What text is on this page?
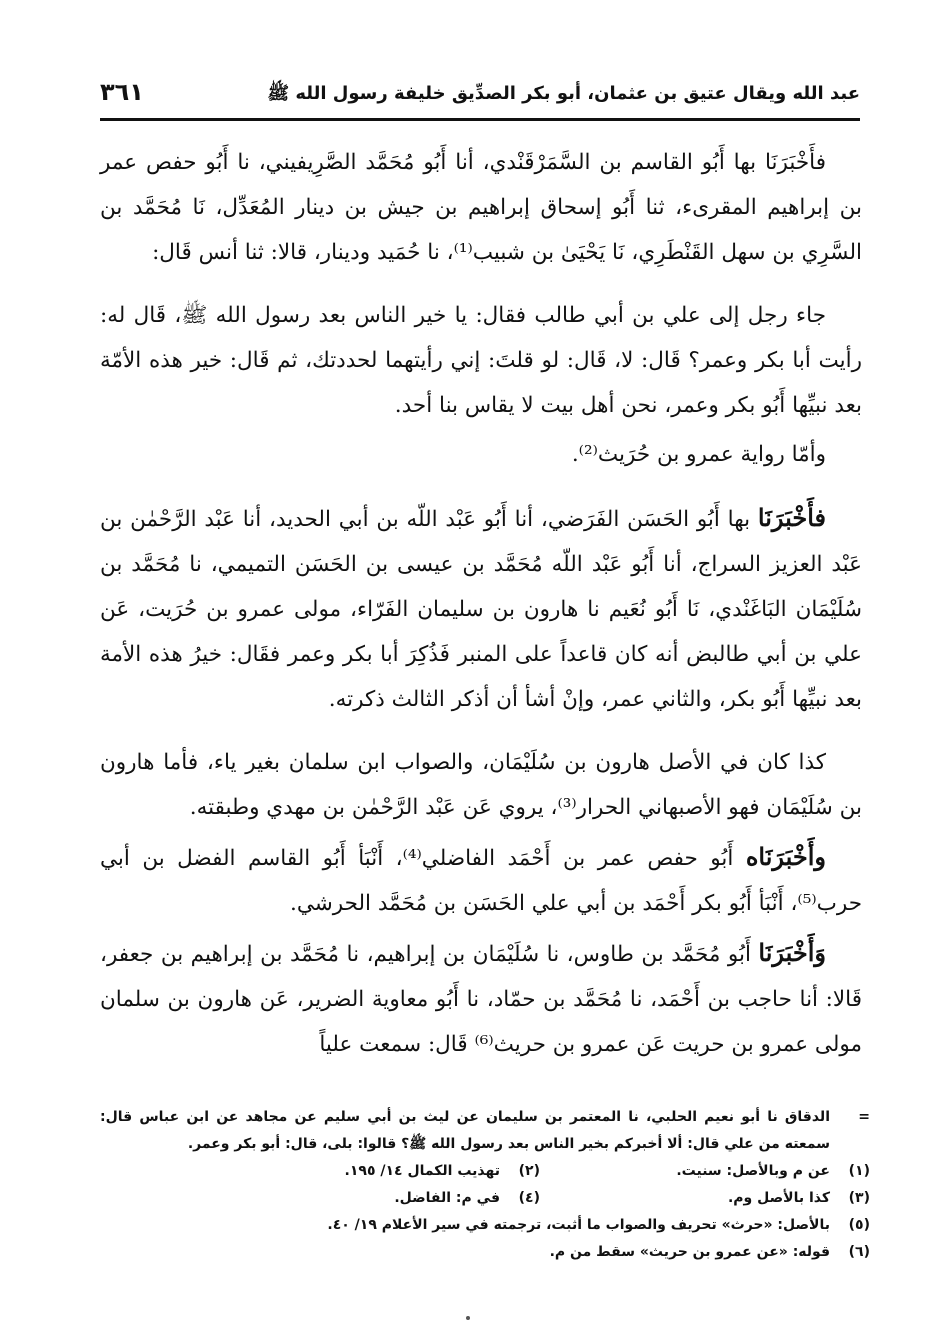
عبد الله ويقال عتيق بن عثمان، أبو بكر الصدِّيق خليفة رسول الله ﷺ
٣٦١

فأَخْبَرَنَا بها أَبُو القاسم بن السَّمَرْقَنْدي، أنا أَبُو مُحَمَّد الصَّرِيفيني، نا أَبُو حفص عمر بن إبراهيم المقرىء، ثنا أَبُو إسحاق إبراهيم بن جيش بن دينار المُعَدِّل، نَا مُحَمَّد بن السَّرِي بن سهل القَنْطَرِي، نَا يَحْيَىٰ بن شبيب⁽¹⁾، نا حُمَيد ودينار، قالا: ثنا أنس قَال:

جاء رجل إلى علي بن أبي طالب فقال: يا خير الناس بعد رسول الله ﷺ، قَال له: رأيت أبا بكر وعمر؟ قَال: لا، قَال: لو قلتَ: إني رأيتهما لحددتك، ثم قَال: خير هذه الأمّة بعد نبيِّها أَبُو بكر وعمر، نحن أهل بيت لا يقاس بنا أحد.

وأمّا رواية عمرو بن حُرَيث⁽²⁾.

فأَخْبَرَنَا بها أَبُو الحَسَن الفَرَضي، أنا أَبُو عَبْد اللّه بن أبي الحديد، أنا عَبْد الرَّحْمٰن بن عَبْد العزيز السراج، أنا أَبُو عَبْد اللّه مُحَمَّد بن عيسى بن الحَسَن التميمي، نا مُحَمَّد بن سُلَيْمَان البَاغَنْدي، نَا أَبُو نُعَيم نا هارون بن سليمان الفَرّاء، مولى عمرو بن حُرَيت، عَن علي بن أبي طالبض أنه كان قاعداً على المنبر فَذُكِرَ أبا بكر وعمر فقَال: خيرُ هذه الأمة بعد نبيِّها أَبُو بكر، والثاني عمر، وإنْ أشأ أن أذكر الثالث ذكرته.

كذا كان في الأصل هارون بن سُلَيْمَان، والصواب ابن سلمان بغير ياء، فأما هارون بن سُلَيْمَان فهو الأصبهاني الحرار⁽³⁾، يروي عَن عَبْد الرَّحْمٰن بن مهدي وطبقته.

وأَخْبَرَنَاه أَبُو حفص عمر بن أَحْمَد الفاضلي⁽⁴⁾، أَنْبَأ أَبُو القاسم الفضل بن أبي حرب⁽⁵⁾، أَنْبَأ أَبُو بكر أَحْمَد بن أبي علي الحَسَن بن مُحَمَّد الحرشي.

وَأَخْبَرَنَا أَبُو مُحَمَّد بن طاوس، نا سُلَيْمَان بن إبراهيم، نا مُحَمَّد بن إبراهيم بن جعفر، قَالا: أنا حاجب بن أَحْمَد، نا مُحَمَّد بن حمّاد، نا أَبُو معاوية الضرير، عَن هارون بن سلمان مولى عمرو بن حريت عَن عمرو بن حريث⁽⁶⁾ قَال: سمعت علياً

=
الدقاق نا أبو نعيم الحلبي، نا المعتمر بن سليمان عن ليث بن أبي سليم عن مجاهد عن ابن عباس قال: سمعته من علي قال: ألا أخبركم بخير الناس بعد رسول الله ﷺ؟ قالوا: بلى، قال: أبو بكر وعمر.
(١)
عن م وبالأصل: سنيت.
(٢)
تهذيب الكمال ١٤/ ١٩٥.
(٣)
كذا بالأصل وم.
(٤)
في م: الفاضل.
(٥)
بالأصل: «حرث» تحريف والصواب ما أثبت، ترجمته في سير الأعلام ١٩/ ٤٠.
(٦)
قوله: «عن عمرو بن حريث» سقط من م.
